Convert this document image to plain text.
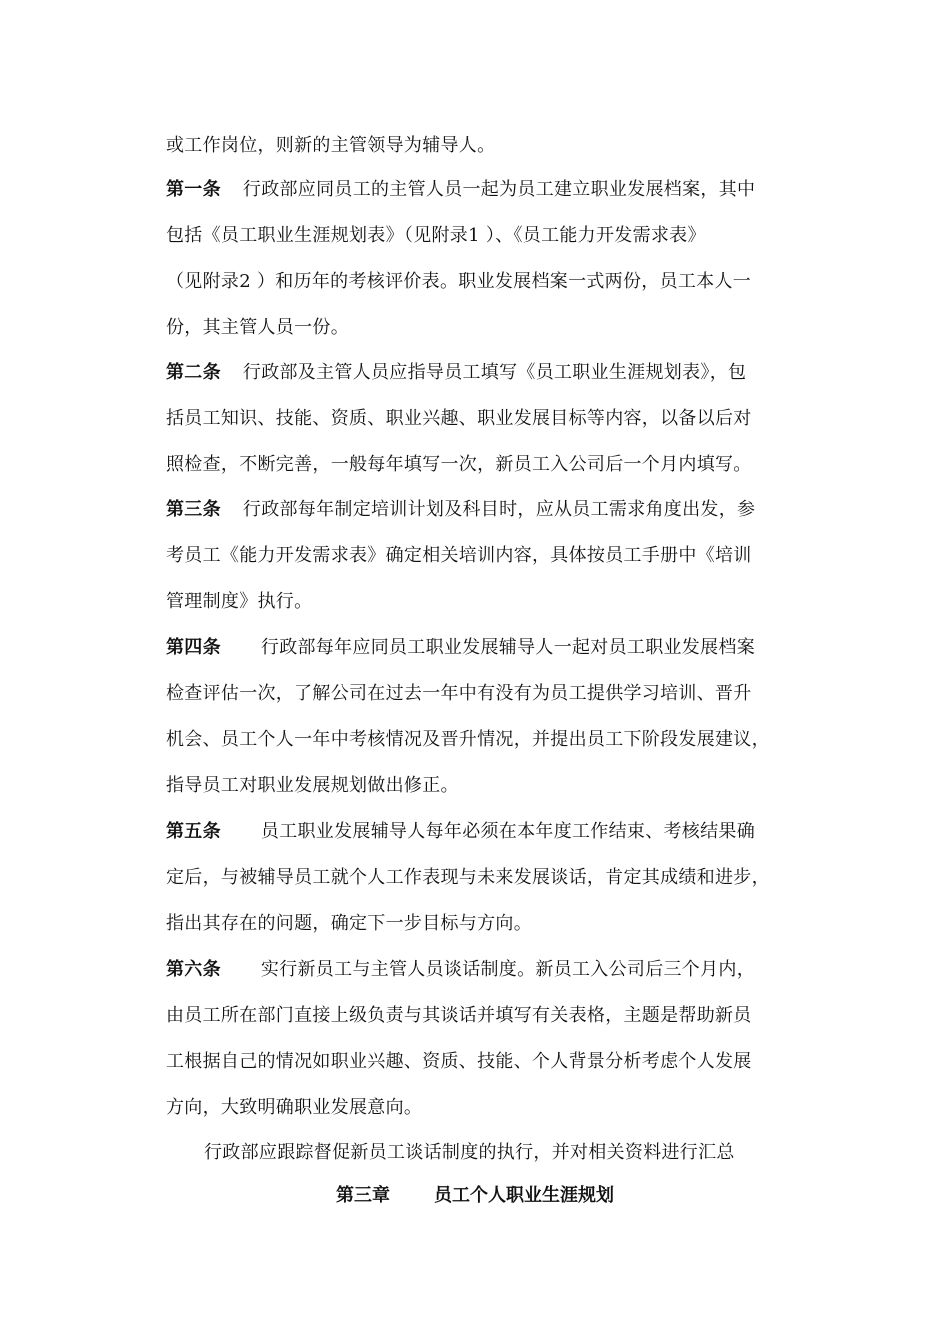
或工作岗位，则新的主管领导为辅导人。
第一条 行政部应同员工的主管人员一起为员工建立职业发展档案，其中
包括《员工职业生涯规划表》（见附录1 ）、《员工能力开发需求表》
（见附录2 ）和历年的考核评价表。职业发展档案一式两份，员工本人一
份，其主管人员一份。
第二条 行政部及主管人员应指导员工填写《员工职业生涯规划表》，包
括员工知识、技能、资质、职业兴趣、职业发展目标等内容，以备以后对
照检查，不断完善，一般每年填写一次，新员工入公司后一个月内填写。
第三条 行政部每年制定培训计划及科目时，应从员工需求角度出发，参
考员工《能力开发需求表》确定相关培训内容，具体按员工手册中《培训
管理制度》执行。
第四条 行政部每年应同员工职业发展辅导人一起对员工职业发展档案
检查评估一次，了解公司在过去一年中有没有为员工提供学习培训、晋升
机会、员工个人一年中考核情况及晋升情况，并提出员工下阶段发展建议，
指导员工对职业发展规划做出修正。
第五条 员工职业发展辅导人每年必须在本年度工作结束、考核结果确
定后，与被辅导员工就个人工作表现与未来发展谈话，肯定其成绩和进步，
指出其存在的问题，确定下一步目标与方向。
第六条 实行新员工与主管人员谈话制度。新员工入公司后三个月内，
由员工所在部门直接上级负责与其谈话并填写有关表格，主题是帮助新员
工根据自己的情况如职业兴趣、资质、技能、个人背景分析考虑个人发展
方向，大致明确职业发展意向。
行政部应跟踪督促新员工谈话制度的执行，并对相关资料进行汇总
第三章 员工个人职业生涯规划
